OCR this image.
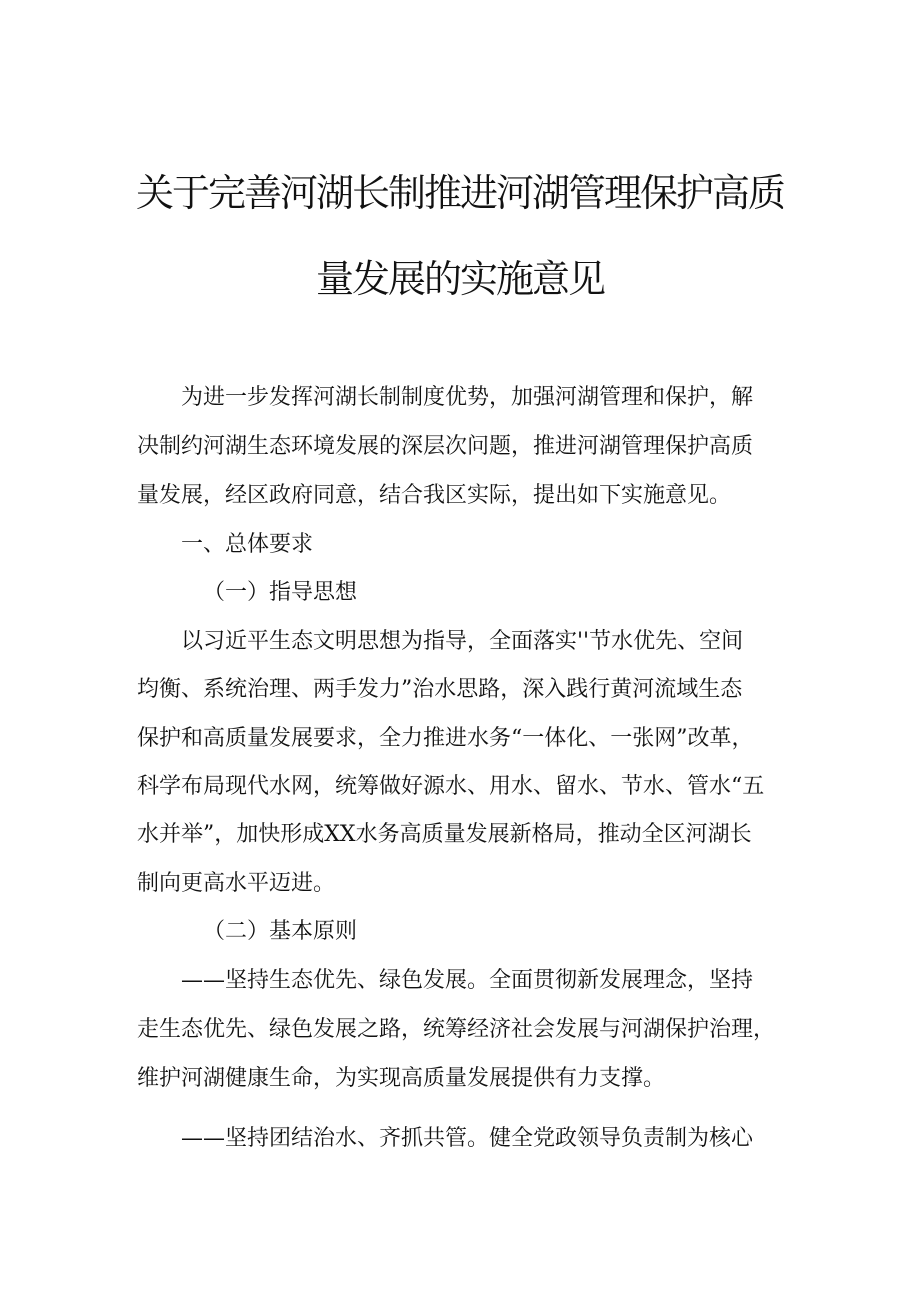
关于完善河湖长制推进河湖管理保护高质
量发展的实施意见
为进一步发挥河湖长制制度优势，加强河湖管理和保护，解
决制约河湖生态环境发展的深层次问题，推进河湖管理保护高质
量发展，经区政府同意，结合我区实际，提出如下实施意见。
一、总体要求
（一）指导思想
以习近平生态文明思想为指导，全面落实''节水优先、空间
均衡、系统治理、两手发力”治水思路，深入践行黄河流域生态
保护和高质量发展要求，全力推进水务“一体化、一张网”改革，
科学布局现代水网，统筹做好源水、用水、留水、节水、管水“五
水并举”，加快形成XX水务高质量发展新格局，推动全区河湖长
制向更高水平迈进。
（二）基本原则
——坚持生态优先、绿色发展。全面贯彻新发展理念，坚持
走生态优先、绿色发展之路，统筹经济社会发展与河湖保护治理，
维护河湖健康生命，为实现高质量发展提供有力支撑。
——坚持团结治水、齐抓共管。健全党政领导负责制为核心
